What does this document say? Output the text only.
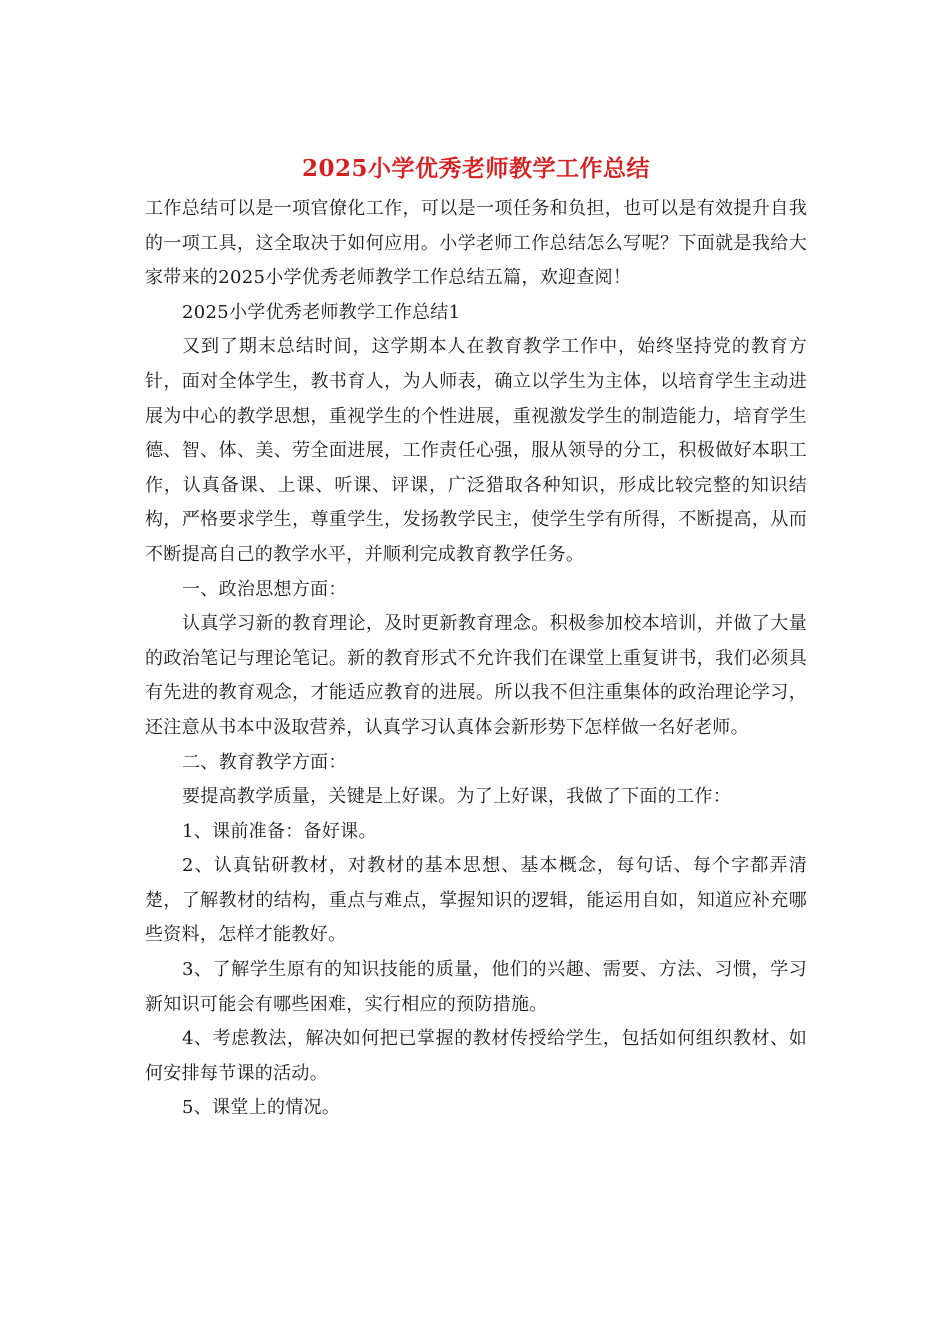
2025小学优秀老师教学工作总结

工作总结可以是一项官僚化工作，可以是一项任务和负担，也可以是有效提升自我的一项工具，这全取决于如何应用。小学老师工作总结怎么写呢？下面就是我给大家带来的2025小学优秀老师教学工作总结五篇，欢迎查阅！

2025小学优秀老师教学工作总结1

又到了期末总结时间，这学期本人在教育教学工作中，始终坚持党的教育方针，面对全体学生，教书育人，为人师表，确立以学生为主体，以培育学生主动进展为中心的教学思想，重视学生的个性进展，重视激发学生的制造能力，培育学生德、智、体、美、劳全面进展，工作责任心强，服从领导的分工，积极做好本职工作，认真备课、上课、听课、评课，广泛猎取各种知识，形成比较完整的知识结构，严格要求学生，尊重学生，发扬教学民主，使学生学有所得，不断提高，从而不断提高自己的教学水平，并顺利完成教育教学任务。

一、政治思想方面：

认真学习新的教育理论，及时更新教育理念。积极参加校本培训，并做了大量的政治笔记与理论笔记。新的教育形式不允许我们在课堂上重复讲书，我们必须具有先进的教育观念，才能适应教育的进展。所以我不但注重集体的政治理论学习，还注意从书本中汲取营养，认真学习认真体会新形势下怎样做一名好老师。

二、教育教学方面：

要提高教学质量，关键是上好课。为了上好课，我做了下面的工作：

1、课前准备：备好课。

2、认真钻研教材，对教材的基本思想、基本概念，每句话、每个字都弄清楚，了解教材的结构，重点与难点，掌握知识的逻辑，能运用自如，知道应补充哪些资料，怎样才能教好。

3、了解学生原有的知识技能的质量，他们的兴趣、需要、方法、习惯，学习新知识可能会有哪些困难，实行相应的预防措施。

4、考虑教法，解决如何把已掌握的教材传授给学生，包括如何组织教材、如何安排每节课的活动。

5、课堂上的情况。
